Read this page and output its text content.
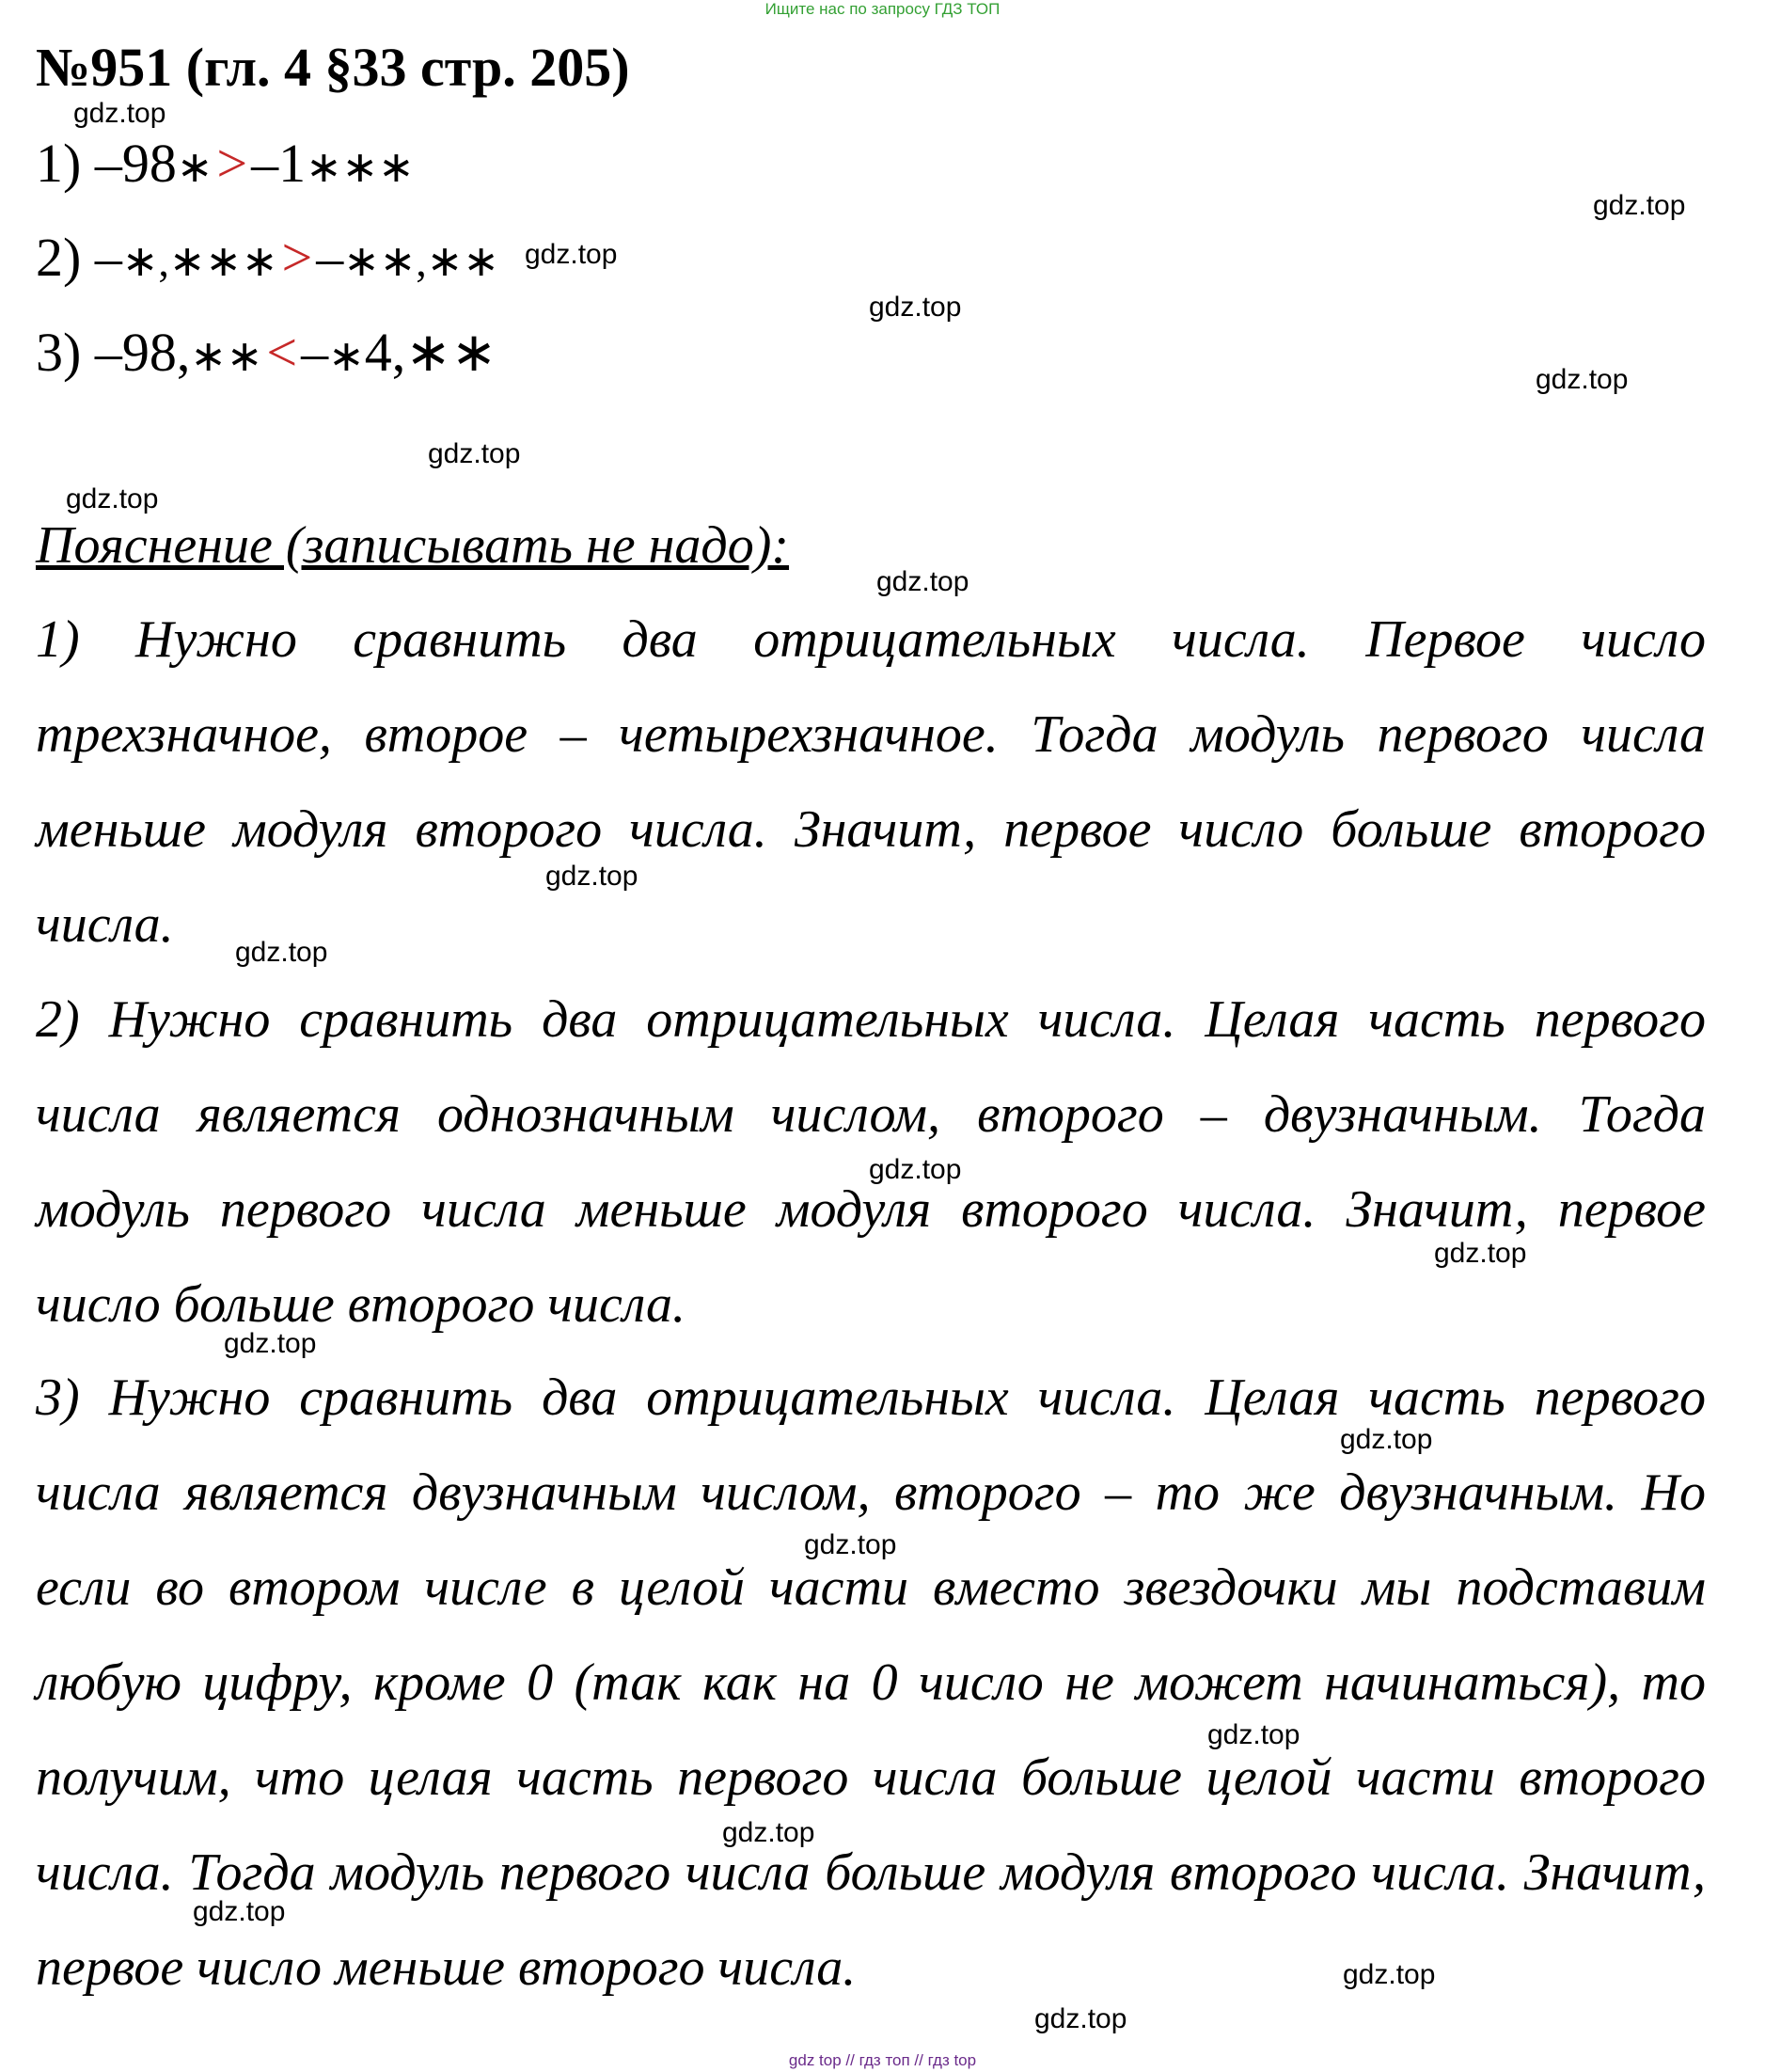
Ищите нас по запросу ГДЗ ТОП
№951 (гл. 4 §33 стр. 205)
1) –98∗>–1∗∗∗
2) –∗,∗∗∗>–∗∗,∗∗
3) –98,∗∗<–∗4,∗∗
Пояснение (записывать не надо):

1) Нужно сравнить два отрицательных числа. Первое число трехзначное, второе – четырехзначное. Тогда модуль первого числа меньше модуля второго числа. Значит, первое число больше второго числа.

2) Нужно сравнить два отрицательных числа. Целая часть первого числа является однозначным числом, второго – двузначным. Тогда модуль первого числа меньше модуля второго числа. Значит, первое число больше второго числа.

3) Нужно сравнить два отрицательных числа. Целая часть первого числа является двузначным числом, второго – то же двузначным. Но если во втором числе в целой части вместо звездочки мы подставим любую цифру, кроме 0 (так как на 0 число не может начинаться), то получим, что целая часть первого числа больше целой части второго числа. Тогда модуль первого числа больше модуля второго числа. Значит, первое число меньше второго числа.

gdz.top
gdz.top
gdz.top
gdz.top
gdz.top
gdz.top
gdz.top
gdz.top
gdz.top
gdz.top
gdz.top
gdz.top
gdz.top
gdz.top
gdz.top
gdz.top
gdz.top
gdz.top
gdz.top
gdz.top
gdz top // гдз топ // гдз top
